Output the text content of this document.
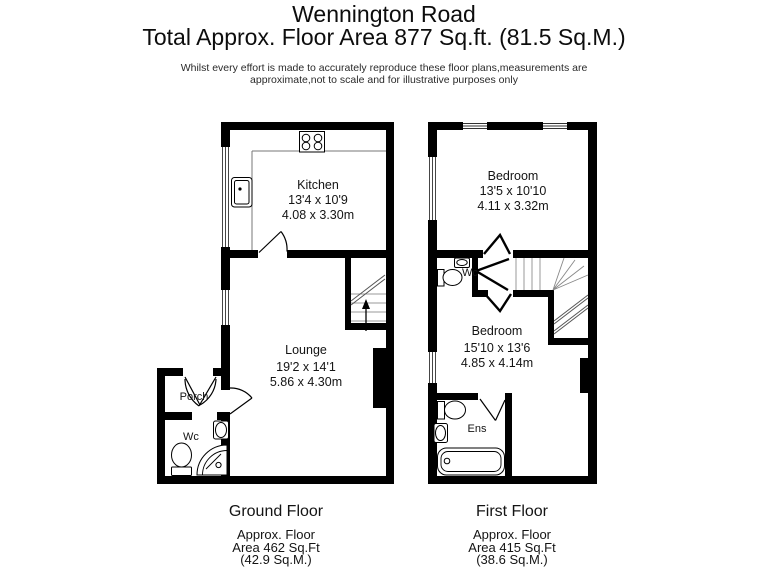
Wennington Road
Total Approx. Floor Area 877 Sq.ft. (81.5 Sq.M.)
Whilst every effort is made to accurately reproduce these floor plans,measurements are
approximate,not to scale and for illustrative purposes only
Kitchen
13'4 x 10'9
4.08 x 3.30m
Lounge
19'2 x 14'1
5.86 x 4.30m
Porch
Wc
Bedroom
13'5 x 10'10
4.11 x 3.32m
Bedroom
15'10 x 13'6
4.85 x 4.14m
Wc
Ens
Ground Floor
Approx. Floor
Area 462 Sq.Ft
(42.9 Sq.M.)
First Floor
Approx. Floor
Area 415 Sq.Ft
(38.6 Sq.M.)
